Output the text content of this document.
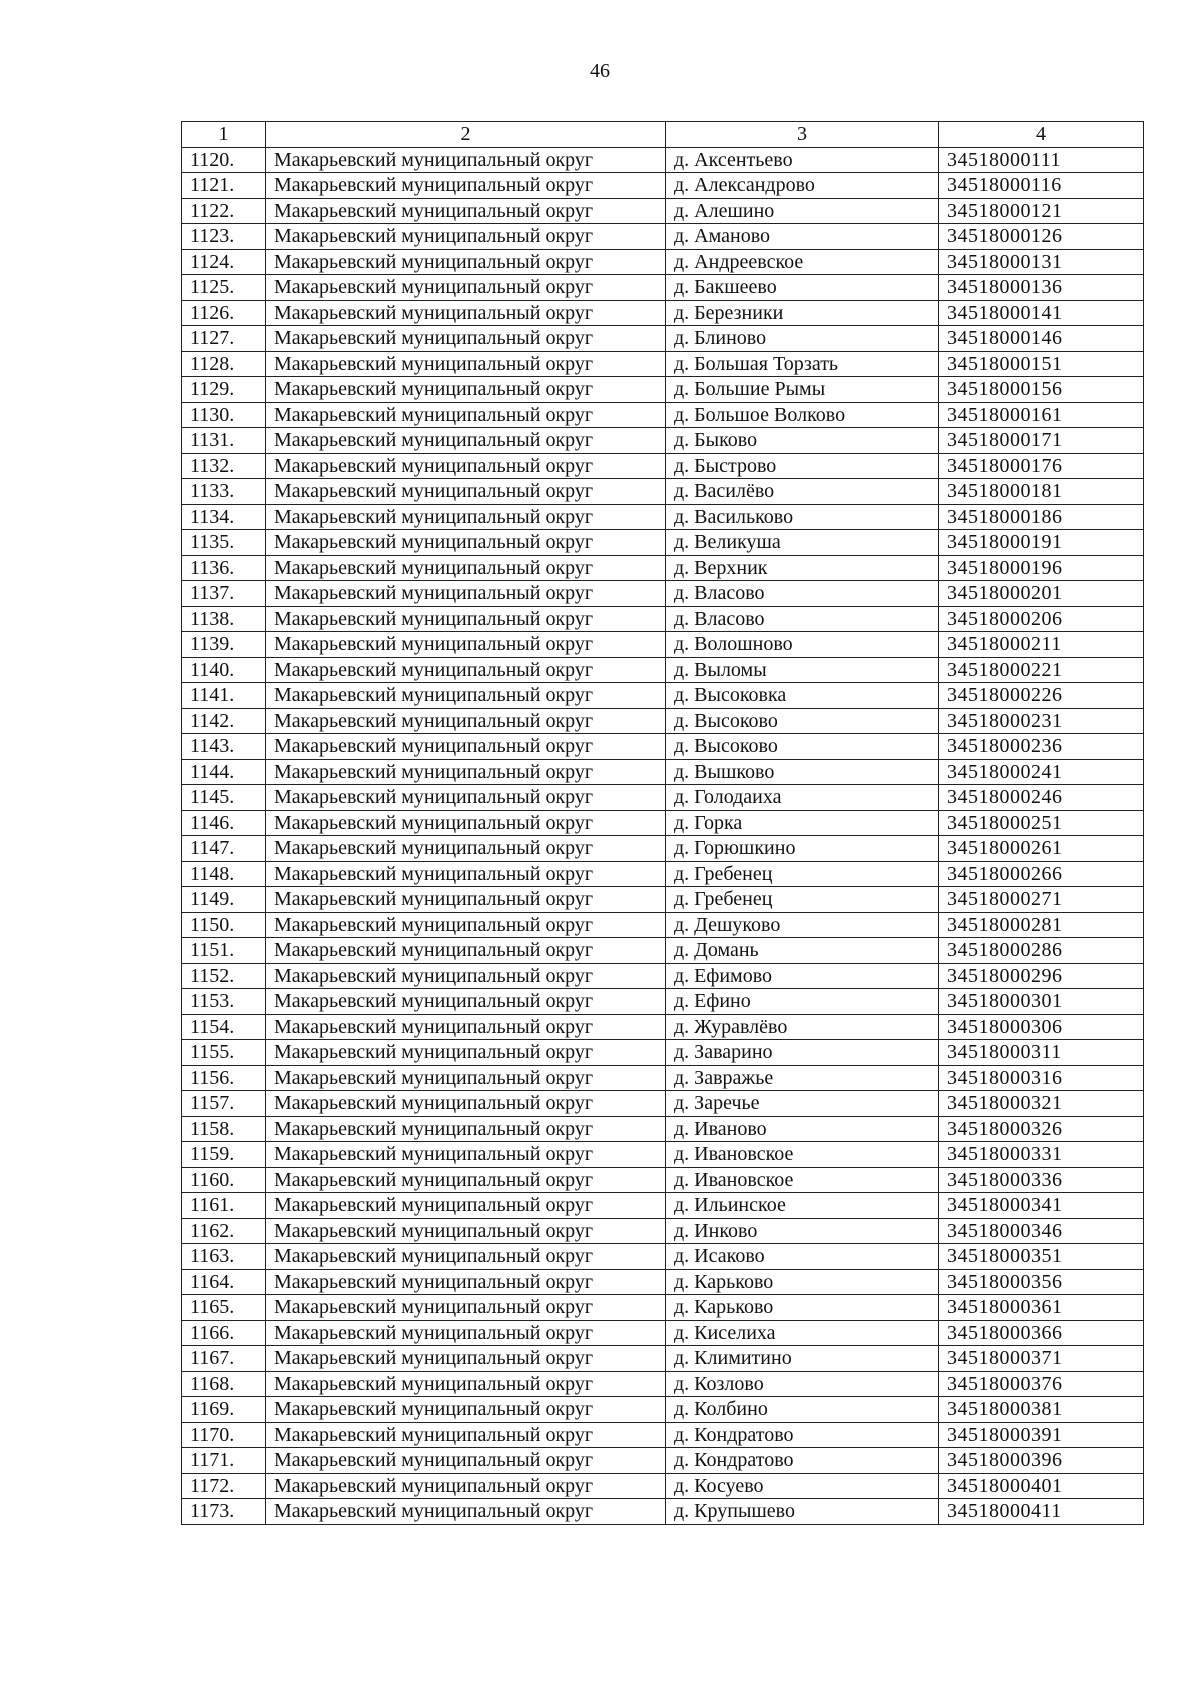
46
1	2	3	4
1120.	Макарьевский муниципальный округ	д. Аксентьево	34518000111
1121.	Макарьевский муниципальный округ	д. Александрово	34518000116
1122.	Макарьевский муниципальный округ	д. Алешино	34518000121
1123.	Макарьевский муниципальный округ	д. Аманово	34518000126
1124.	Макарьевский муниципальный округ	д. Андреевское	34518000131
1125.	Макарьевский муниципальный округ	д. Бакшеево	34518000136
1126.	Макарьевский муниципальный округ	д. Березники	34518000141
1127.	Макарьевский муниципальный округ	д. Блиново	34518000146
1128.	Макарьевский муниципальный округ	д. Большая Торзать	34518000151
1129.	Макарьевский муниципальный округ	д. Большие Рымы	34518000156
1130.	Макарьевский муниципальный округ	д. Большое Волково	34518000161
1131.	Макарьевский муниципальный округ	д. Быково	34518000171
1132.	Макарьевский муниципальный округ	д. Быстрово	34518000176
1133.	Макарьевский муниципальный округ	д. Василёво	34518000181
1134.	Макарьевский муниципальный округ	д. Васильково	34518000186
1135.	Макарьевский муниципальный округ	д. Великуша	34518000191
1136.	Макарьевский муниципальный округ	д. Верхник	34518000196
1137.	Макарьевский муниципальный округ	д. Власово	34518000201
1138.	Макарьевский муниципальный округ	д. Власово	34518000206
1139.	Макарьевский муниципальный округ	д. Волошново	34518000211
1140.	Макарьевский муниципальный округ	д. Выломы	34518000221
1141.	Макарьевский муниципальный округ	д. Высоковка	34518000226
1142.	Макарьевский муниципальный округ	д. Высоково	34518000231
1143.	Макарьевский муниципальный округ	д. Высоково	34518000236
1144.	Макарьевский муниципальный округ	д. Вышково	34518000241
1145.	Макарьевский муниципальный округ	д. Голодаиха	34518000246
1146.	Макарьевский муниципальный округ	д. Горка	34518000251
1147.	Макарьевский муниципальный округ	д. Горюшкино	34518000261
1148.	Макарьевский муниципальный округ	д. Гребенец	34518000266
1149.	Макарьевский муниципальный округ	д. Гребенец	34518000271
1150.	Макарьевский муниципальный округ	д. Дешуково	34518000281
1151.	Макарьевский муниципальный округ	д. Домань	34518000286
1152.	Макарьевский муниципальный округ	д. Ефимово	34518000296
1153.	Макарьевский муниципальный округ	д. Ефино	34518000301
1154.	Макарьевский муниципальный округ	д. Журавлёво	34518000306
1155.	Макарьевский муниципальный округ	д. Заварино	34518000311
1156.	Макарьевский муниципальный округ	д. Завражье	34518000316
1157.	Макарьевский муниципальный округ	д. Заречье	34518000321
1158.	Макарьевский муниципальный округ	д. Иваново	34518000326
1159.	Макарьевский муниципальный округ	д. Ивановское	34518000331
1160.	Макарьевский муниципальный округ	д. Ивановское	34518000336
1161.	Макарьевский муниципальный округ	д. Ильинское	34518000341
1162.	Макарьевский муниципальный округ	д. Инково	34518000346
1163.	Макарьевский муниципальный округ	д. Исаково	34518000351
1164.	Макарьевский муниципальный округ	д. Карьково	34518000356
1165.	Макарьевский муниципальный округ	д. Карьково	34518000361
1166.	Макарьевский муниципальный округ	д. Киселиха	34518000366
1167.	Макарьевский муниципальный округ	д. Климитино	34518000371
1168.	Макарьевский муниципальный округ	д. Козлово	34518000376
1169.	Макарьевский муниципальный округ	д. Колбино	34518000381
1170.	Макарьевский муниципальный округ	д. Кондратово	34518000391
1171.	Макарьевский муниципальный округ	д. Кондратово	34518000396
1172.	Макарьевский муниципальный округ	д. Косуево	34518000401
1173.	Макарьевский муниципальный округ	д. Крупышево	34518000411
